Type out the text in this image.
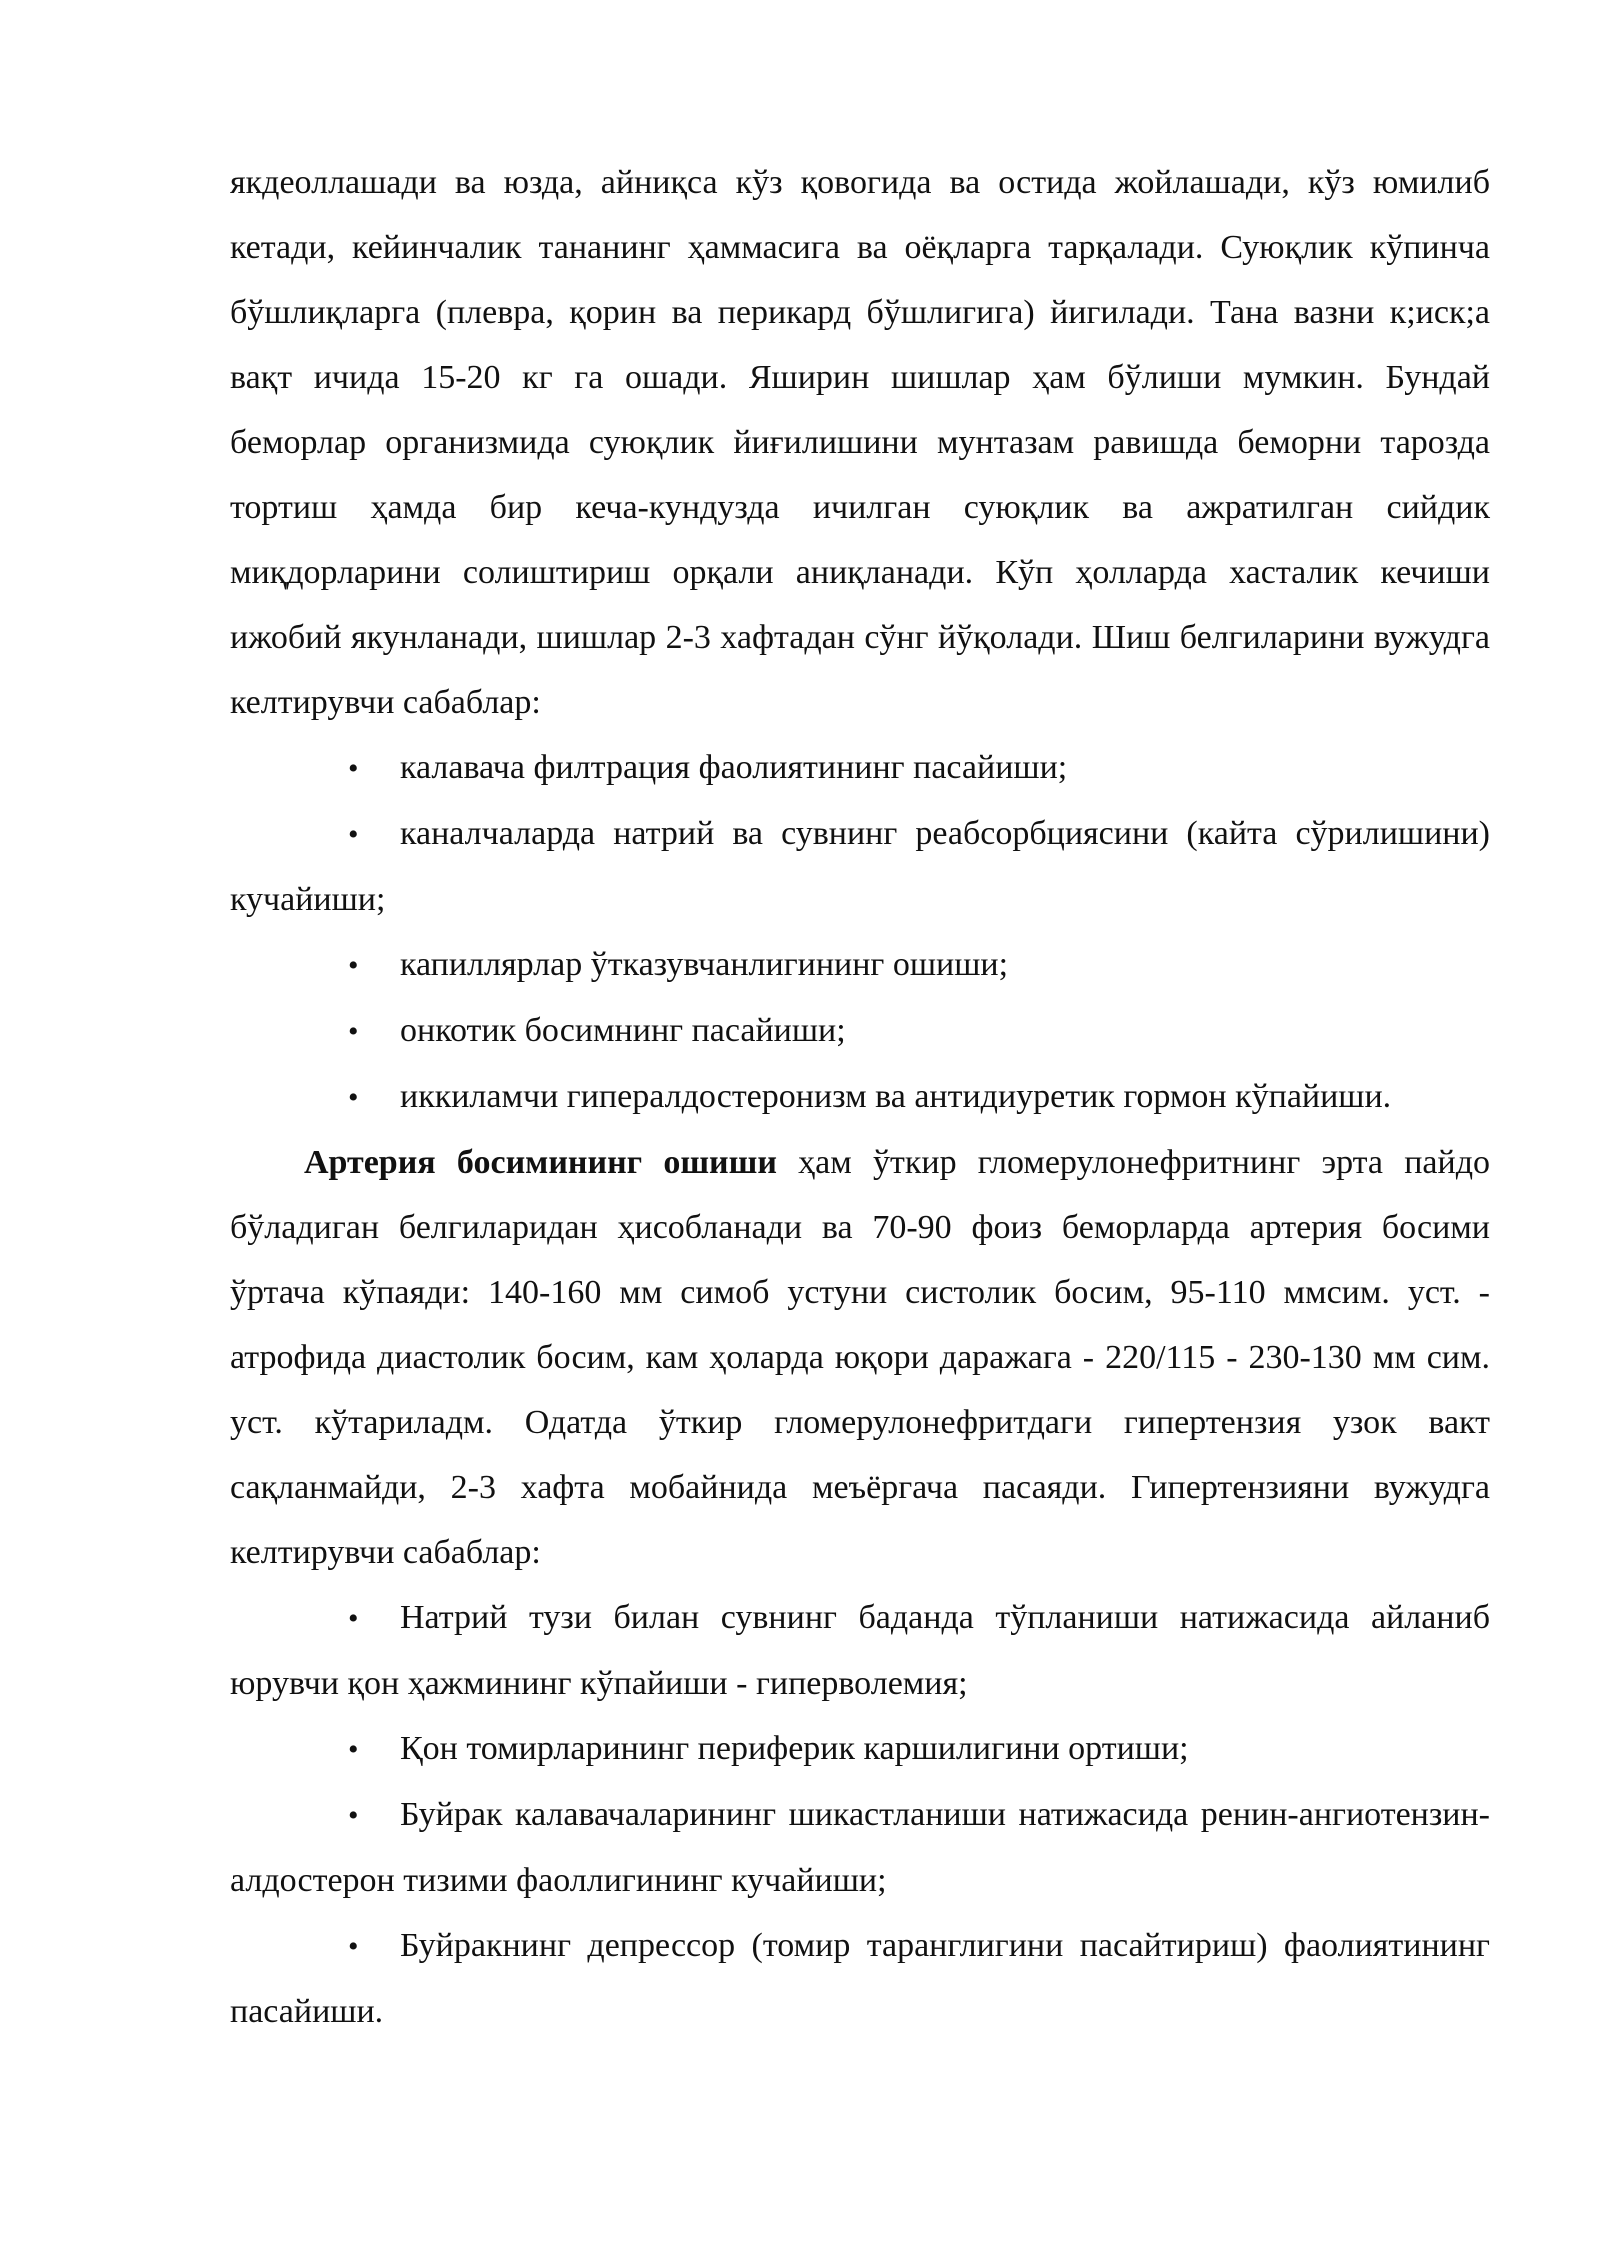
якдеоллашади ва юзда, айниқса кўз қовогида ва остида жойлашади, кўз юмилиб кетади, кейинчалик тананинг ҳаммасига ва оёқларга тарқалади. Суюқлик кўпинча бўшлиқларга (плевра, қорин ва перикард бўшлигига) йигилади. Тана вазни к;иск;а вақт ичида 15-20 кг га ошади. Яширин шишлар ҳам бўлиши мумкин. Бундай беморлар организмида суюқлик йиғилишини мунтазам равишда беморни тарозда тортиш ҳамда бир кеча-кундузда ичилган суюқлик ва ажратилган сийдик миқдорларини солиштириш орқали аниқланади. Кўп ҳолларда хасталик кечиши ижобий якунланади, шишлар 2-3 хафтадан сўнг йўқолади. Шиш белгиларини вужудга келтирувчи сабаблар:

• калавача филтрация фаолиятининг пасайиши;

• каналчаларда натрий ва сувнинг реабсорбциясини (кайта сўрилишини) кучайиши;

• капиллярлар ўтказувчанлигининг ошиши;

• онкотик босимнинг пасайиши;

• иккиламчи гипералдостеронизм ва антидиуретик гормон кўпайиши.

Артерия босимининг ошиши ҳам ўткир гломерулонефритнинг эрта пайдо бўладиган белгиларидан ҳисобланади ва 70-90 фоиз беморларда артерия босими ўртача кўпаяди: 140-160 мм симоб устуни систолик босим, 95-110 ммсим. уст. - атрофида диастолик босим, кам ҳоларда юқори даражага - 220/115 - 230-130 мм сим. уст. кўтариладм. Одатда ўткир гломерулонефритдаги гипертензия узок вакт сақланмайди, 2-3 хафта мобайнида меъёргача пасаяди. Гипертензияни вужудга келтирувчи сабаблар:

• Натрий тузи билан сувнинг баданда тўпланиши натижасида айланиб юрувчи қон ҳажмининг кўпайиши - гиперволемия;

• Қон томирларининг периферик каршилигини ортиши;

• Буйрак калавачаларининг шикастланиши натижасида ренин-ангиотензин-алдостерон тизими фаоллигининг кучайиши;

• Буйракнинг депрессор (томир таранглигини пасайтириш) фаолиятининг пасайиши.
